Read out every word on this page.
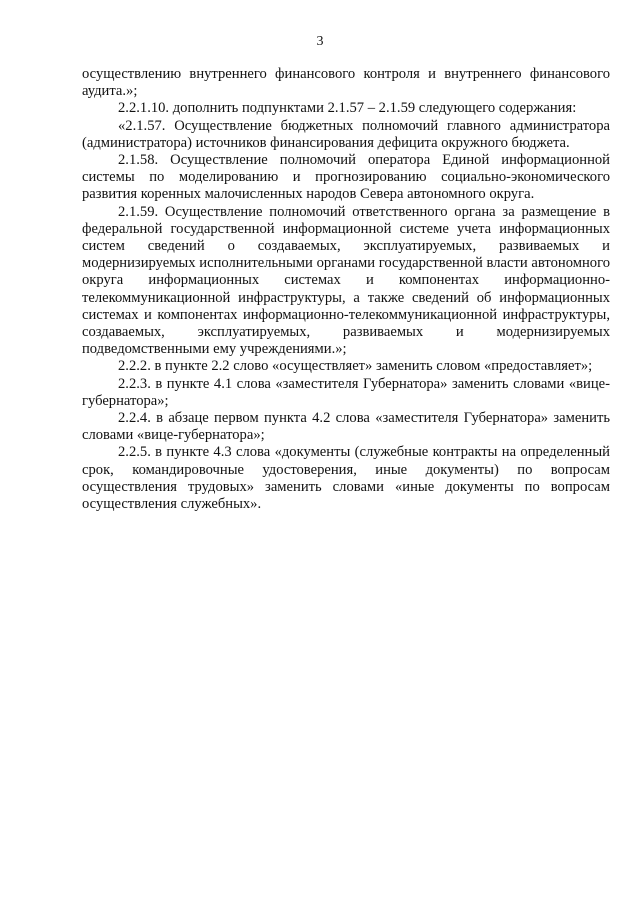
3

осуществлению внутреннего финансового контроля и внутреннего финансового аудита.»;

2.2.1.10. дополнить подпунктами 2.1.57 – 2.1.59 следующего содержания:

«2.1.57. Осуществление бюджетных полномочий главного администратора (администратора) источников финансирования дефицита окружного бюджета.

2.1.58. Осуществление полномочий оператора Единой информационной системы по моделированию и прогнозированию социально-экономического развития коренных малочисленных народов Севера автономного округа.

2.1.59. Осуществление полномочий ответственного органа за размещение в федеральной государственной информационной системе учета информационных систем сведений о создаваемых, эксплуатируемых, развиваемых и модернизируемых исполнительными органами государственной власти автономного округа информационных системах и компонентах информационно-телекоммуникационной инфраструктуры, а также сведений об информационных системах и компонентах информационно-телекоммуникационной инфраструктуры, создаваемых, эксплуатируемых, развиваемых и модернизируемых подведомственными ему учреждениями.»;

2.2.2. в пункте 2.2 слово «осуществляет» заменить словом «предоставляет»;

2.2.3. в пункте 4.1 слова «заместителя Губернатора» заменить словами «вице-губернатора»;

2.2.4. в абзаце первом пункта 4.2 слова «заместителя Губернатора» заменить словами «вице-губернатора»;

2.2.5. в пункте 4.3 слова «документы (служебные контракты на определенный срок, командировочные удостоверения, иные документы) по вопросам осуществления трудовых» заменить словами «иные документы по вопросам осуществления служебных».
